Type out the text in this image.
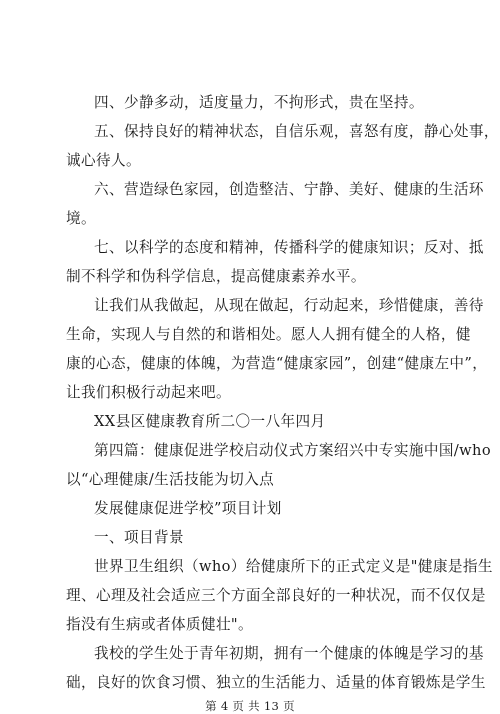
四、少静多动，适度量力，不拘形式，贵在坚持。
五、保持良好的精神状态，自信乐观，喜怒有度，静心处事，
诚心待人。
六、营造绿色家园，创造整洁、宁静、美好、健康的生活环
境。
七、以科学的态度和精神，传播科学的健康知识；反对、抵
制不科学和伪科学信息，提高健康素养水平。
让我们从我做起，从现在做起，行动起来，珍惜健康，善待
生命，实现人与自然的和谐相处。愿人人拥有健全的人格，健
康的心态，健康的体魄，为营造“健康家园”，创建“健康左中”，
让我们积极行动起来吧。
XX县区健康教育所二〇一八年四月
第四篇：健康促进学校启动仪式方案绍兴中专实施中国/who
以“心理健康/生活技能为切入点
发展健康促进学校”项目计划
一、项目背景
世界卫生组织（who）给健康所下的正式定义是"健康是指生
理、心理及社会适应三个方面全部良好的一种状况，而不仅仅是
指没有生病或者体质健壮"。
我校的学生处于青年初期，拥有一个健康的体魄是学习的基
础，良好的饮食习惯、独立的生活能力、适量的体育锻炼是学生
第 4 页 共 13 页
